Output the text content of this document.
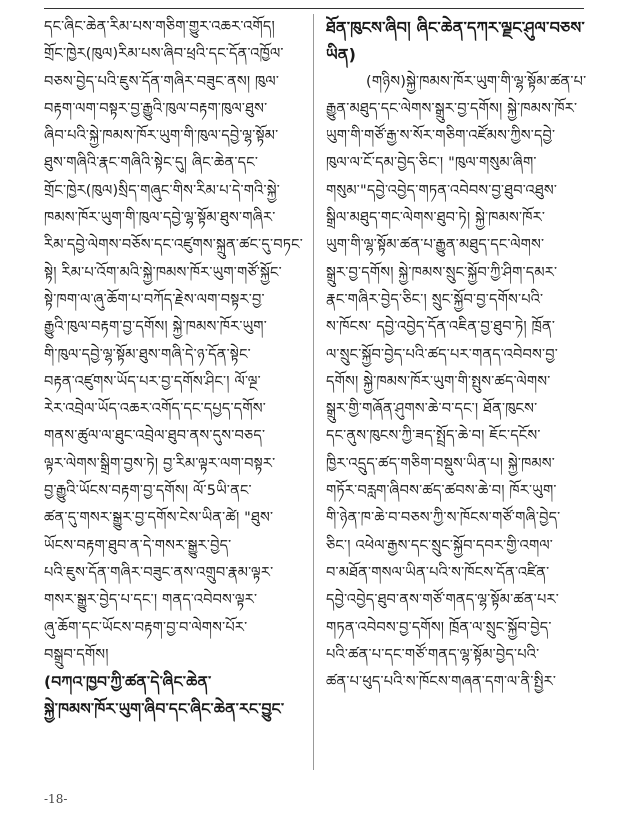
དང་ཞིང་ཆེན་རིམ་པས་གཅིག་གྱུར་འཆར་འགོད།
གྲོང་ཁྱེར(ཁུལ)རིམ་པས་ཞིབ་ཕྲའི་དང་དོན་འཁྱོལ་
བཅས་བྱེད་པའི་ཇུས་དོན་གཞིར་བཟུང་ནས། ཁུལ་
བརྟག་ལག་བསྟར་བྱ་རྒྱུའི་ཁུལ་བརྟག་ཁུལ་ཐུས་
ཞིབ་པའི་སྐྱེ་ཁམས་ཁོར་ཡུག་གི་ཁུལ་དབྱེ་ལྷ་སྟོམ་
ཐུས་གཞིའི་རྣང་གཞིའི་སྟེང་དུ། ཞིང་ཆེན་དང་
གྲོང་ཁྱེར(ཁུལ)སྲིད་གཞུང་གིས་རིམ་པ་དེ་གའི་སྐྱེ་
ཁམས་ཁོར་ཡུག་གི་ཁུལ་དབྱེ་ལྷ་སྟོམ་ཐུས་གཞིར་
རིམ་དབྱེ་ལེགས་བཅོས་དང་འཛུགས་སྐྲུན་ཚང་དུ་བཏང་
སྟེ། རིམ་པ་འོག་མའི་སྐྱེ་ཁམས་ཁོར་ཡུག་གཙོ་སྐྱོང་
སྟེ་ཁག་ལ་ཞུ་ཆོག་པ་བཀོད་རྗེས་ལག་བསྟར་བྱ་
རྒྱུའི་ཁུལ་བརྟག་བྱ་དགོས། སྐྱེ་ཁམས་ཁོར་ཡུག་
གི་ཁུལ་དབྱེ་ལྷ་སྟོམ་ཐུས་གཞི་དེ་ཉ་དོན་སྟེང་
བརྟན་འཛུགས་ཡོད་པར་བྱ་དགོས་ཤིང་། ལོ་ལྔ་
རེར་འབྲེལ་ཡོད་འཆར་འགོད་དང་དཔྱད་དགོས་
གནས་ཚུལ་ལ་ཐུང་འབྲེལ་ཐུབ་ནས་དུས་བཅད་
ལྟར་ལེགས་སྒྲིག་བྱས་ཏེ། བྱ་རིམ་ལྟར་ལག་བསྟར་
བྱ་རྒྱུའི་ཡོངས་བརྟག་བྱ་དགོས། ལོ་5ཡི་ནང་
ཚན་དུ་གསར་སྒྱུར་བྱ་དགོས་ངེས་ཡིན་ཚེ། "ཐུས་
ཡོངས་བརྟག་ཐུབ་ན་དེ་གསར་སྒྱུར་བྱེད་
པའི་ཇུས་དོན་གཞིར་བཟུང་ནས་འགྲུབ་རྣམ་ལྟར་
གསར་སྒྱུར་བྱེད་པ་དང་། གནད་འབེབས་ལྟར་
ཞུ་ཆོག་དང་ཡོངས་བརྟག་བྱ་བ་ལེགས་པོར་
བསྒྲུབ་དགོས།
(བཀའ་ཁྱབ་ཀྱི་ཚན་དེ་ཞིང་ཆེན་
སྐྱེ་ཁམས་ཁོར་ཡུག་ཞིབ་དང་ཞིང་ཆེན་རང་བྱུང་
ཐོན་ཁུངས་ཞིབ། ཞིང་ཆེན་དཀར་ལྗང་ཤུལ་བཅས་
ཡིན)
(གཉིས)སྐྱེ་ཁམས་ཁོར་ཡུག་གི་ལྷ་སྟོམ་ཚན་པ་
རྒྱུན་མཐུད་དང་ལེགས་སྒྲུར་བྱ་དགོས། སྐྱེ་ཁམས་ཁོར་
ཡུག་གི་གཙོ་རྒྱ་ས་སོར་གཅིག་འཛོམས་ཀྱིས་དབྱེ་
ཁུལ་ལ་ངོ་དམ་བྱེད་ཅིང་། "ཁུལ་གསུམ་ཞིག་
གསུམ་"དབྱེ་འབྱེད་གཏན་འབེབས་བྱ་ཐུབ་འཐུས་
སྒྲིལ་མཐུད་གང་ལེགས་ཐུབ་ཏེ། སྐྱེ་ཁམས་ཁོར་
ཡུག་གི་ལྷ་སྟོམ་ཚན་པ་རྒྱུན་མཐུད་དང་ལེགས་
སྒྲུར་བྱ་དགོས། སྐྱེ་ཁམས་སྲུང་སྐྱོབ་ཀྱི་ཤིག་དམར་
རྣང་གཞིར་བྱེད་ཅིང་། སྲུང་སྐྱོབ་བྱ་དགོས་པའི་
ས་ཁོངས་ དབྱེ་འབྱེད་དོན་འཇིན་བྱ་ཐུབ་ཏེ། ཁྲོན་
ལ་སྲུང་སྐྱོབ་བྱེད་པའི་ཚད་པར་གནད་འབེབས་བྱ་
དགོས། སྐྱེ་ཁམས་ཁོར་ཡུག་གི་སྤུས་ཚད་ལེགས་
སྒྲུར་གྱི་གཞོན་ཤུགས་ཆེ་བ་དང་། ཐོན་ཁུངས་
དང་ནུས་ཁུངས་ཀྱི་ཟད་སྤྲོད་ཆེ་བ། ཇོང་དངོས་
ཁྱིར་འདྲུད་ཚད་གཅིག་བསྡུས་ཡིན་པ། སྐྱེ་ཁམས་
གཏོར་བརླག་ཞིབས་ཚད་ཚབས་ཆེ་བ། ཁོར་ཡུག་
གི་ཉེན་ཁ་ཆེ་བ་བཅས་ཀྱི་ས་ཁོངས་གཙོ་གཞི་བྱེད་
ཅིང་། འཕེལ་རྒྱས་དང་སྲུང་སྐྱོབ་དབར་གྱི་འགལ་
བ་མཐོན་གསལ་ཡིན་པའི་ས་ཁོངས་དོན་འཛིན་
དབྱེ་འབྱེད་ཐུབ་ནས་གཙོ་གནད་ལྷ་སྟོམ་ཚན་པར་
གཏན་འབེབས་བྱ་དགོས། ཁྲོན་ལ་སྲུང་སྐྱོབ་བྱེད་
པའི་ཚན་པ་དང་གཙོ་གནད་ལྷ་སྟོམ་བྱེད་པའི་
ཚན་པ་ཕུད་པའི་ས་ཁོངས་གཞན་དག་ལ་ནི་སྤྱིར་
-18-
